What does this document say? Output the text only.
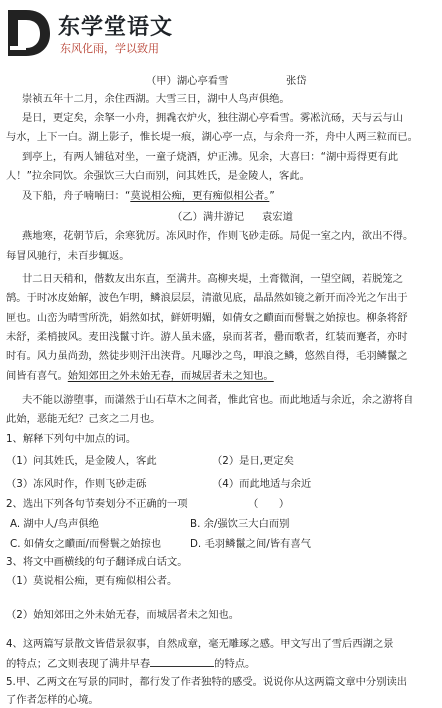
东学堂语文
东风化雨，学以致用
（甲）湖心亭看雪	张岱
崇祯五年十二月，余住西湖。大雪三日，湖中人鸟声俱绝。
是日，更定矣，余拏一小舟，拥毳衣炉火，独往湖心亭看雪。雾凇沆砀，天与云与山
与水，上下一白。湖上影子，惟长堤一痕，湖心亭一点，与余舟一芥，舟中人两三粒而已。
到亭上，有两人铺毡对坐，一童子烧酒，炉正沸。见余，大喜曰：“湖中焉得更有此
人！”拉余同饮。余强饮三大白而别，问其姓氏，是金陵人，客此。
及下船，舟子喃喃曰：“莫说相公痴，更有痴似相公者。”
（乙）满井游记 袁宏道
燕地寒，花朝节后，余寒犹厉。冻风时作，作则飞砂走砾。局促一室之内，欲出不得。
每冒风驰行，未百步辄返。
廿二日天稍和，偕数友出东直，至满井。高柳夹堤，土膏微润，一望空阔，若脱笼之
鹄。于时冰皮始解，波色乍明，鳞浪层层，清澈见底，晶晶然如镜之新开而冷光之乍出于
匣也。山峦为晴雪所洗，娟然如拭，鲜妍明媚，如倩女之靧面而髻鬟之始掠也。柳条将舒
未舒，柔梢披风。麦田浅鬣寸许。游人虽未盛，泉而茗者，罍而歌者，红装而蹇者，亦时
时有。风力虽尚劲，然徒步则汗出浃背。凡曝沙之鸟，呷浪之鳞，悠然自得，毛羽鳞鬣之
间皆有喜气。始知郊田之外未始无春，而城居者未之知也。
夫不能以游堕事，而潇然于山石草木之间者，惟此官也。而此地适与余近，余之游将自
此始，恶能无纪？己亥之二月也。
1、解释下列句中加点的词。
（1）问其姓氏，是金陵人，客此	（2）是日,更定矣
（3）冻风时作，作则飞砂走砾	（4）而此地适与余近
2、选出下列各句节奏划分不正确的一项	（　　）
A. 湖中人/鸟声俱绝	B. 余/强饮三大白而别
C. 如倩女之靧面/而髻鬟之始掠也	D. 毛羽鳞鬣之间/皆有喜气
3、将文中画横线的句子翻译成白话文。
（1）莫说相公痴，更有痴似相公者。
（2）始知郊田之外未始无春，而城居者未之知也。
4、这两篇写景散文皆借景叙事，自然成章，毫无雕琢之感。甲文写出了雪后西湖之景
的特点；乙文则表现了满井早春	的特点。
5.甲、乙两文在写景的同时，都行发了作者独特的感受。说说你从这两篇文章中分别读出
了作者怎样的心境。
